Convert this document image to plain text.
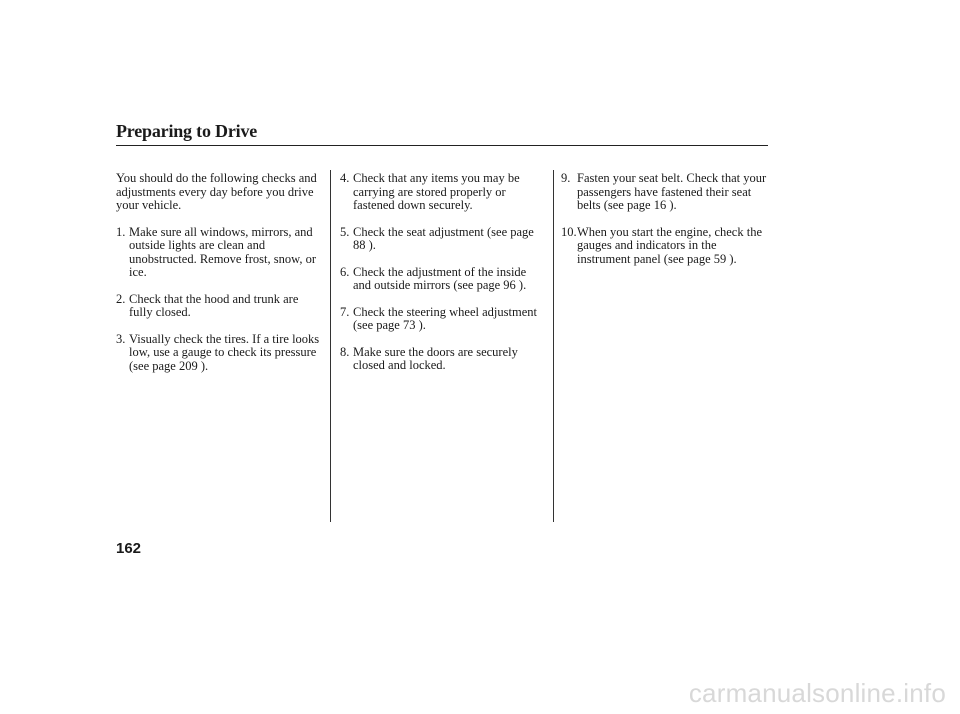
Preparing to Drive

You should do the following checks and adjustments every day before you drive your vehicle.

1. Make sure all windows, mirrors, and outside lights are clean and unobstructed. Remove frost, snow, or ice.
2. Check that the hood and trunk are fully closed.
3. Visually check the tires. If a tire looks low, use a gauge to check its pressure (see page 209 ).
4. Check that any items you may be carrying are stored properly or fastened down securely.
5. Check the seat adjustment (see page 88 ).
6. Check the adjustment of the inside and outside mirrors (see page 96 ).
7. Check the steering wheel adjustment (see page 73 ).
8. Make sure the doors are securely closed and locked.
9. Fasten your seat belt. Check that your passengers have fastened their seat belts (see page 16 ).
10. When you start the engine, check the gauges and indicators in the instrument panel (see page 59 ).
162
carmanualsonline.info
